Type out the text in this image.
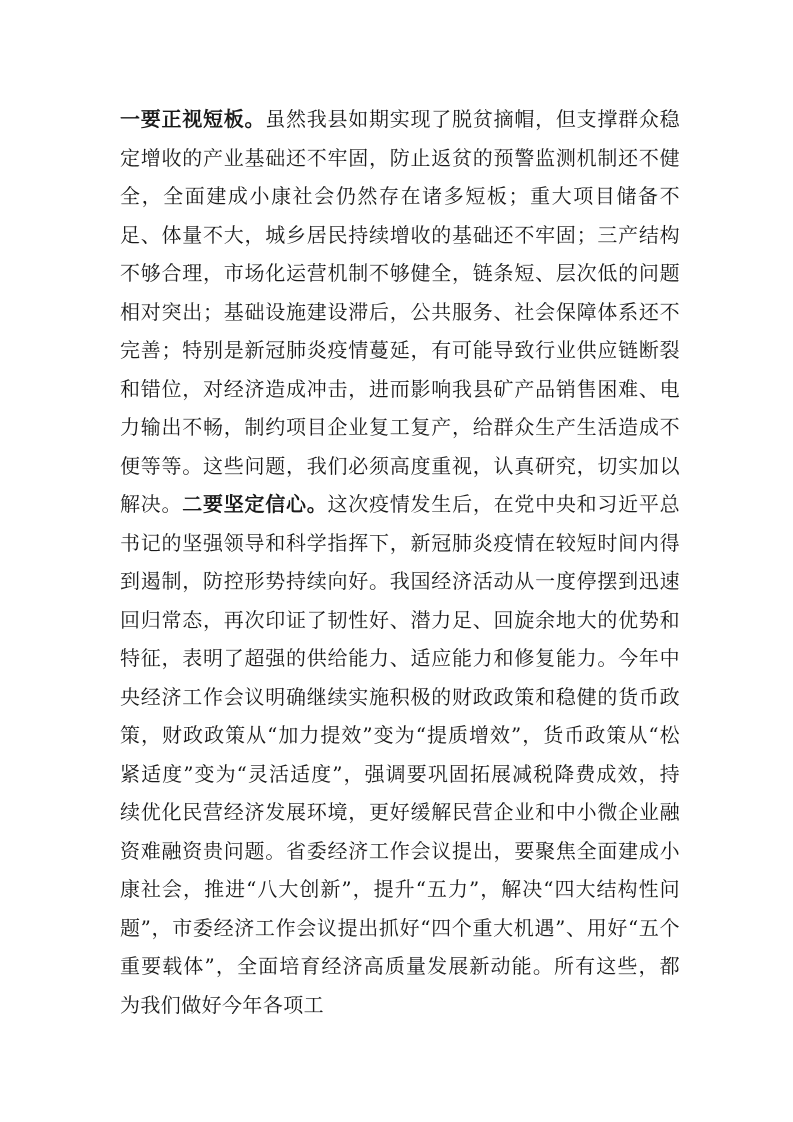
一要正视短板。虽然我县如期实现了脱贫摘帽，但支撑群众稳定增收的产业基础还不牢固，防止返贫的预警监测机制还不健全，全面建成小康社会仍然存在诸多短板；重大项目储备不足、体量不大，城乡居民持续增收的基础还不牢固；三产结构不够合理，市场化运营机制不够健全，链条短、层次低的问题相对突出；基础设施建设滞后，公共服务、社会保障体系还不完善；特别是新冠肺炎疫情蔓延，有可能导致行业供应链断裂和错位，对经济造成冲击，进而影响我县矿产品销售困难、电力输出不畅，制约项目企业复工复产，给群众生产生活造成不便等等。这些问题，我们必须高度重视，认真研究，切实加以解决。二要坚定信心。这次疫情发生后，在党中央和习近平总书记的坚强领导和科学指挥下，新冠肺炎疫情在较短时间内得到遏制，防控形势持续向好。我国经济活动从一度停摆到迅速回归常态，再次印证了韧性好、潜力足、回旋余地大的优势和特征，表明了超强的供给能力、适应能力和修复能力。今年中央经济工作会议明确继续实施积极的财政政策和稳健的货币政策，财政政策从“加力提效”变为“提质增效”，货币政策从“松紧适度”变为“灵活适度”，强调要巩固拓展减税降费成效，持续优化民营经济发展环境，更好缓解民营企业和中小微企业融资难融资贵问题。省委经济工作会议提出，要聚焦全面建成小康社会，推进“八大创新”，提升“五力”，解决“四大结构性问题”，市委经济工作会议提出抓好“四个重大机遇”、用好“五个重要载体”，全面培育经济高质量发展新动能。所有这些，都为我们做好今年各项工
